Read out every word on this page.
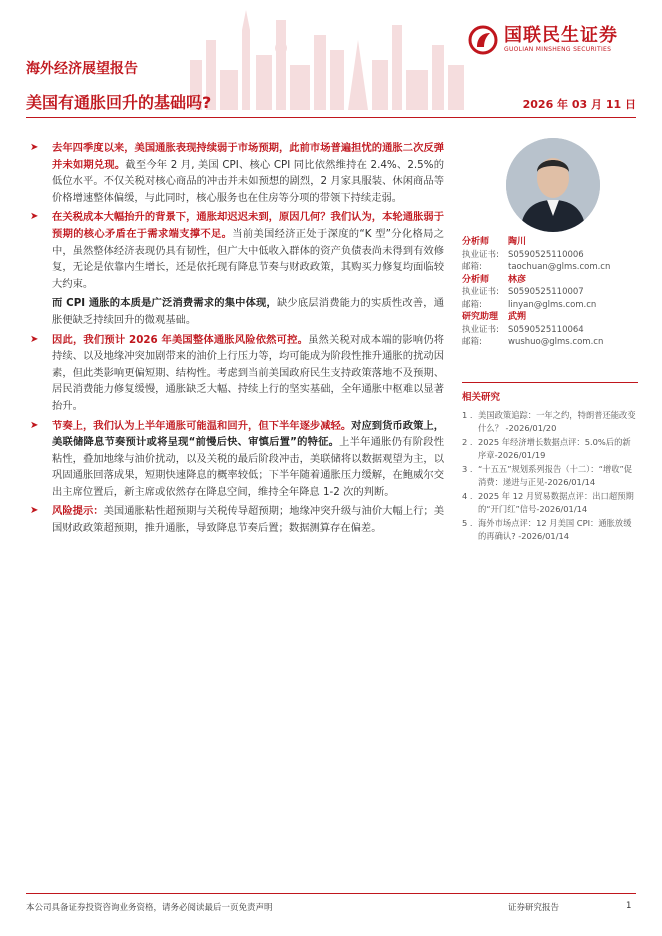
国联民生证券
GUOLIAN MINSHENG SECURITIES
海外经济展望报告
美国有通胀回升的基础吗?	2026 年 03 月 11 日
➤ 去年四季度以来，美国通胀表现持续弱于市场预期，此前市场普遍担忧的通胀二次反弹并未如期兑现。截至今年 2 月, 美国 CPI、核心 CPI 同比依然维持在 2.4%、2.5%的低位水平。不仅关税对核心商品的冲击并未如预想的剧烈，2 月家具服装、休闲商品等价格增速整体偏缓，与此同时，核心服务也在住房等分项的带领下持续走弱。
➤ 在关税成本大幅抬升的背景下，通胀却迟迟未到，原因几何？我们认为，本轮通胀弱于预期的核心矛盾在于需求端支撑不足。当前美国经济正处于深度的“K 型”分化格局之中，虽然整体经济表现仍具有韧性，但广大中低收入群体的资产负债表尚未得到有效修复，无论是依靠内生增长，还是依托现有降息节奏与财政政策，其购买力修复均面临较大约束。
而 CPI 通胀的本质是广泛消费需求的集中体现，缺少底层消费能力的实质性改善，通胀便缺乏持续回升的微观基础。
➤ 因此，我们预计 2026 年美国整体通胀风险依然可控。虽然关税对成本端的影响仍将持续、以及地缘冲突加剧带来的油价上行压力等，均可能成为阶段性推升通胀的扰动因素，但此类影响更偏短期、结构性。考虑到当前美国政府民生支持政策落地不及预期、居民消费能力修复缓慢，通胀缺乏大幅、持续上行的坚实基础，全年通胀中枢难以显著抬升。
➤ 节奏上，我们认为上半年通胀可能温和回升，但下半年逐步减轻。对应到货币政策上，美联储降息节奏预计或将呈现“前慢后快、审慎后置”的特征。上半年通胀仍有阶段性粘性，叠加地缘与油价扰动，以及关税的最后阶段冲击，美联储将以数据观望为主，以巩固通胀回落成果，短期快速降息的概率较低；下半年随着通胀压力缓解，在鲍威尔交出主席位置后，新主席或依然存在降息空间，维持全年降息 1-2 次的判断。
➤ 风险提示：美国通胀粘性超预期与关税传导超预期；地缘冲突升级与油价大幅上行；美国财政政策超预期，推升通胀，导致降息节奏后置；数据测算存在偏差。
分析师	陶川
执业证书:	S0590525110006
邮箱:	taochuan@glms.com.cn
分析师	林彦
执业证书:	S0590525110007
邮箱:	linyan@glms.com.cn
研究助理	武朔
执业证书:	S0590525110064
邮箱:	wushuo@glms.com.cn
相关研究
1 . 美国政策追踪：一年之约，特朗普还能改变什么？ -2026/01/20
2 . 2025 年经济增长数据点评：5.0%后的新序章-2026/01/19
3 . “十五五”规划系列报告（十二）：“增收”促消费：递进与正见-2026/01/14
4 . 2025 年 12 月贸易数据点评：出口超预期的“开门红”信号-2026/01/14
5 . 海外市场点评：12 月美国 CPI：通胀放缓的再确认? -2026/01/14
本公司具备证券投资咨询业务资格，请务必阅读最后一页免责声明	证券研究报告	1
